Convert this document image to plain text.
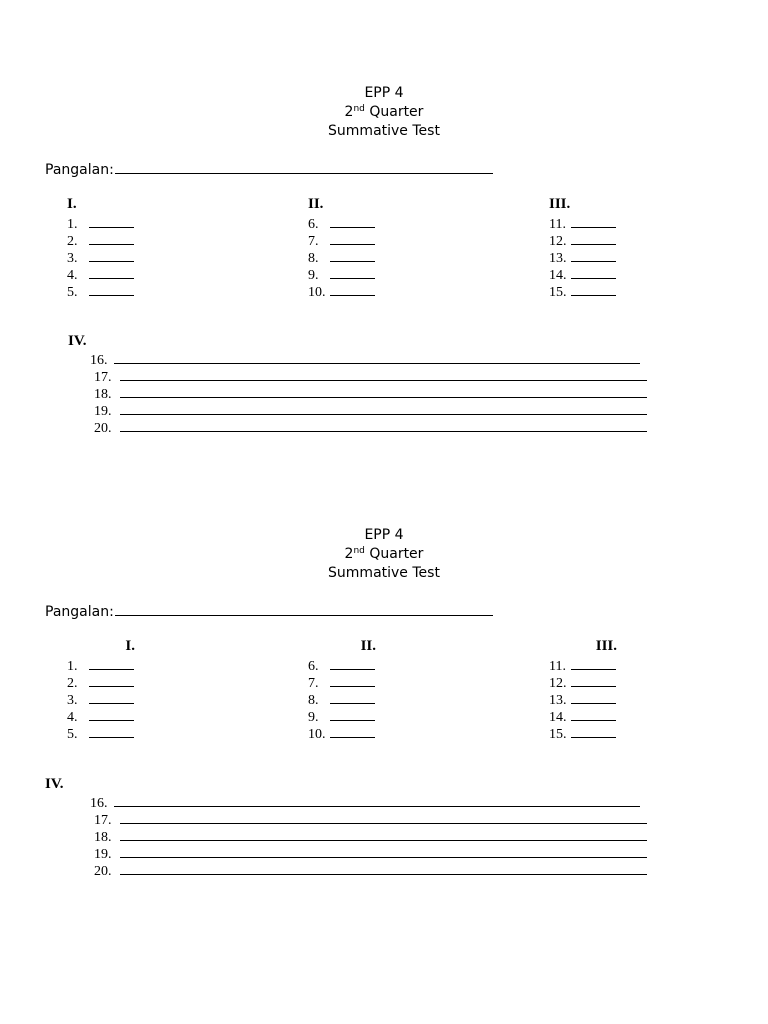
EPP 4
2nd Quarter
Summative Test
Pangalan:
I.
1.
2.
3.
4.
5.
II.
6.
7.
8.
9.
10.
III.
11.
12.
13.
14.
15.
IV.
16.
17.
18.
19.
20.
EPP 4
2nd Quarter
Summative Test
Pangalan:
I.
1.
2.
3.
4.
5.
II.
6.
7.
8.
9.
10.
III.
11.
12.
13.
14.
15.
IV.
16.
17.
18.
19.
20.
